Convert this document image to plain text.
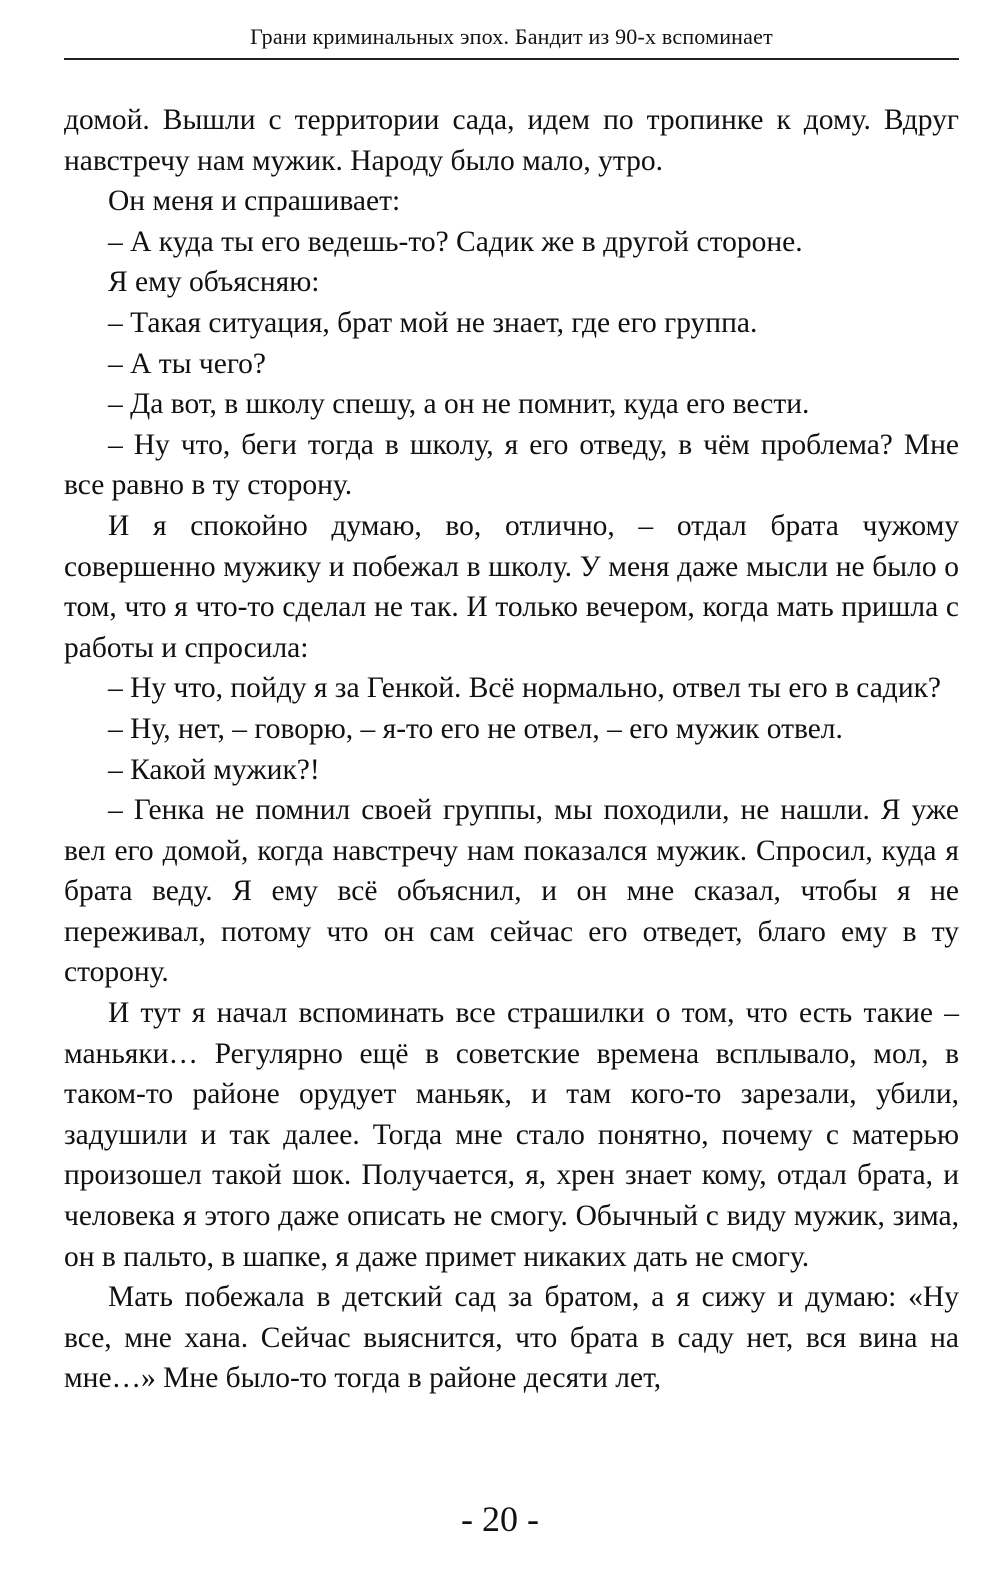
Грани криминальных эпох. Бандит из 90-х вспоминает

домой. Вышли с территории сада, идем по тропинке к дому. Вдруг навстречу нам мужик. Народу было мало, утро.

Он меня и спрашивает:

– А куда ты его ведешь-то? Садик же в другой стороне.

Я ему объясняю:

– Такая ситуация, брат мой не знает, где его группа.

– А ты чего?

– Да вот, в школу спешу, а он не помнит, куда его вести.

– Ну что, беги тогда в школу, я его отведу, в чём проблема? Мне все равно в ту сторону.

И я спокойно думаю, во, отлично, – отдал брата чужому совершенно мужику и побежал в школу. У меня даже мысли не было о том, что я что-то сделал не так. И только вечером, когда мать пришла с работы и спросила:

– Ну что, пойду я за Генкой. Всё нормально, отвел ты его в садик?

– Ну, нет, – говорю, – я-то его не отвел, – его мужик отвел.

– Какой мужик?!

– Генка не помнил своей группы, мы походили, не нашли. Я уже вел его домой, когда навстречу нам показался мужик. Спросил, куда я брата веду. Я ему всё объяснил, и он мне сказал, чтобы я не переживал, потому что он сам сейчас его отведет, благо ему в ту сторону.

И тут я начал вспоминать все страшилки о том, что есть такие – маньяки… Регулярно ещё в советские времена всплывало, мол, в таком-то районе орудует маньяк, и там кого-то зарезали, убили, задушили и так далее. Тогда мне стало понятно, почему с матерью произошел такой шок. Получается, я, хрен знает кому, отдал брата, и человека я этого даже описать не смогу. Обычный с виду мужик, зима, он в пальто, в шапке, я даже примет никаких дать не смогу.

Мать побежала в детский сад за братом, а я сижу и думаю: «Ну все, мне хана. Сейчас выяснится, что брата в саду нет, вся вина на мне…» Мне было-то тогда в районе десяти лет,

- 20 -
